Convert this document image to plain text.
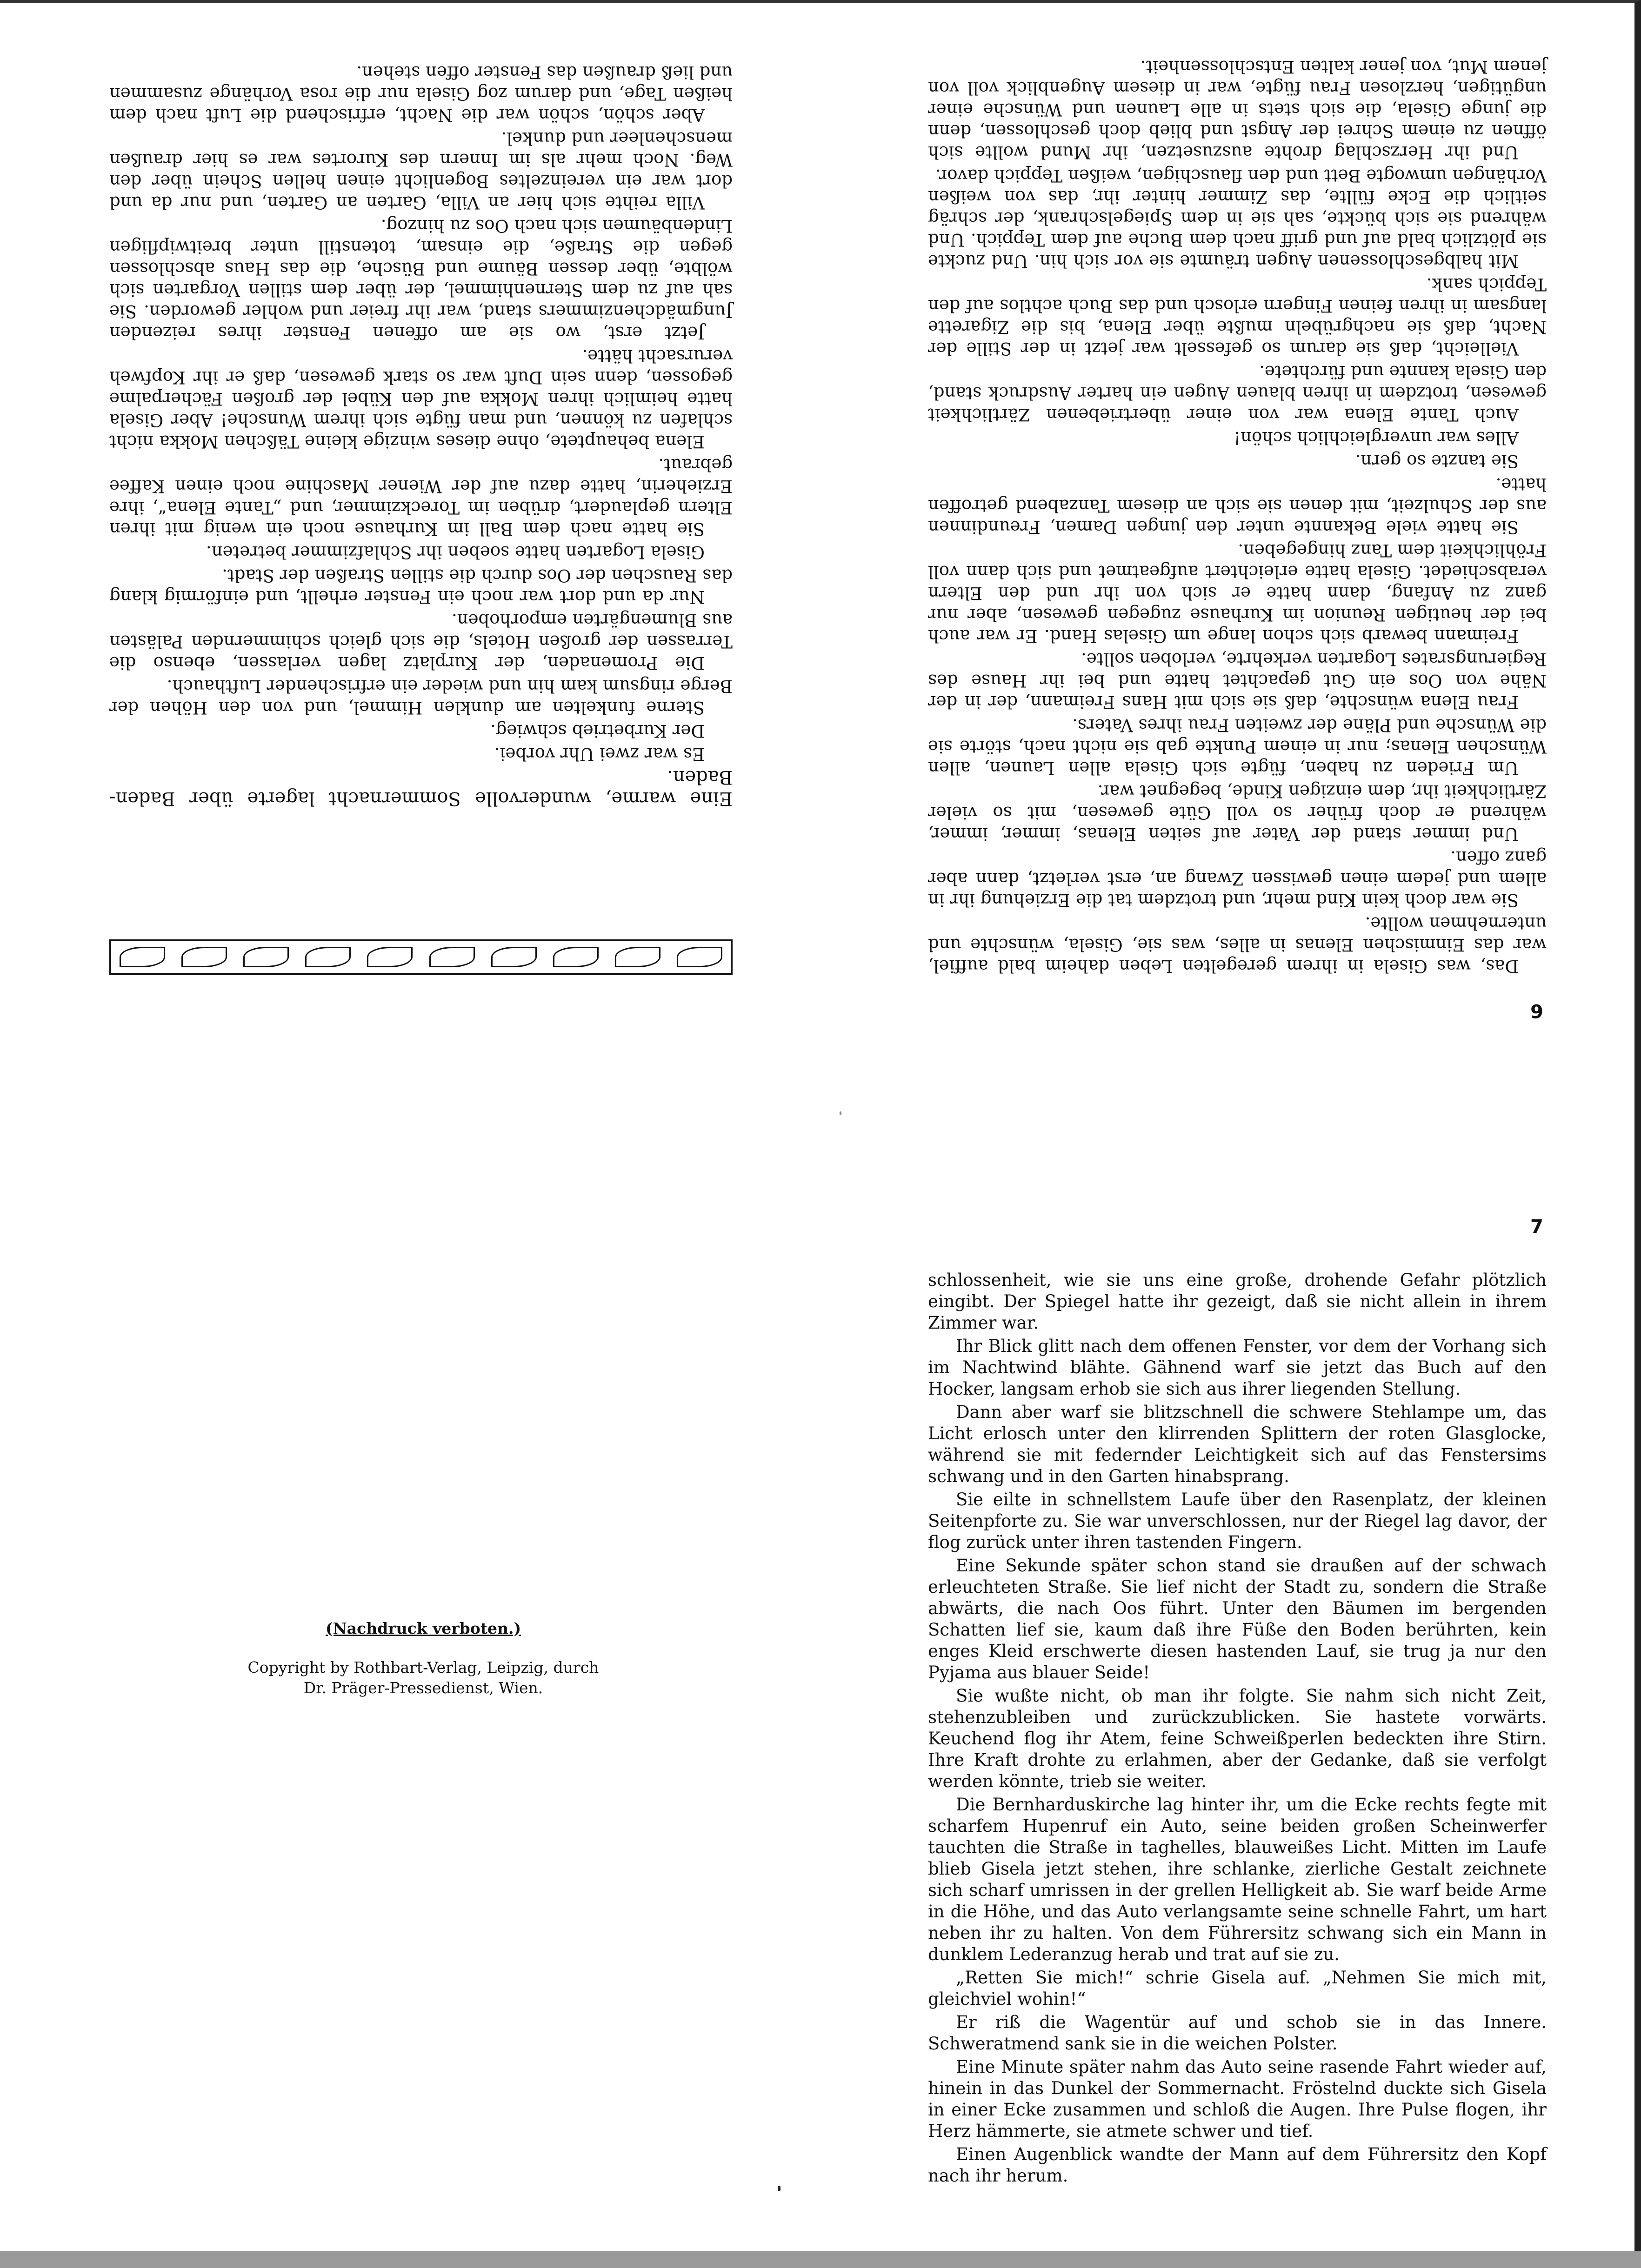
Eine warme, wundervolle Sommernacht lagerte über Baden-Baden.

Es war zwei Uhr vorbei.

Der Kurbetrieb schwieg.

Sterne funkelten am dunklen Himmel, und von den Höhen der Berge ringsum kam hin und wieder ein erfrischender Lufthauch.

Die Promenaden, der Kurplatz lagen verlassen, ebenso die Terrassen der großen Hotels, die sich gleich schimmernden Palästen aus Blumengärten emporhoben.

Nur da und dort war noch ein Fenster erhellt, und einförmig klang das Rauschen der Oos durch die stillen Straßen der Stadt.

Gisela Logarten hatte soeben ihr Schlafzimmer betreten.

Sie hatte nach dem Ball im Kurhause noch ein wenig mit ihren Eltern geplaudert, drüben im Toreckzimmer, und „Tante Elena“, ihre Erzieherin, hatte dazu auf der Wiener Maschine noch einen Kaffee gebraut.

Elena behauptete, ohne dieses winzige kleine Täßchen Mokka nicht schlafen zu können, und man fügte sich ihrem Wunsche! Aber Gisela hatte heimlich ihren Mokka auf den Kübel der großen Fächerpalme gegossen, denn sein Duft war so stark gewesen, daß er ihr Kopfweh verursacht hätte.

Jetzt erst, wo sie am offenen Fenster ihres reizenden Jungmädchenzimmers stand, war ihr freier und wohler geworden. Sie sah auf zu dem Sternenhimmel, der über dem stillen Vorgarten sich wölbte, über dessen Bäume und Büsche, die das Haus abschlossen gegen die Straße, die einsam, totenstill unter breitwipfligen Lindenbäumen sich nach Oos zu hinzog.

Villa reihte sich hier an Villa, Garten an Garten, und nur da und dort war ein vereinzeltes Bogenlicht einen hellen Schein über den Weg. Noch mehr als im Innern des Kurortes war es hier draußen menschenleer und dunkel.

Aber schön, schön war die Nacht, erfrischend die Luft nach dem heißen Tage, und darum zog Gisela nur die rosa Vorhänge zusammen und ließ draußen das Fenster offen stehen.

Das, was Gisela in ihrem geregelten Leben daheim bald auffiel, war das Einmischen Elenas in alles, was sie, Gisela, wünschte und unternehmen wollte.

Sie war doch kein Kind mehr, und trotzdem tat die Erziehung ihr in allem und jedem einen gewissen Zwang an, erst verletzt, dann aber ganz offen.

Und immer stand der Vater auf seiten Elenas, immer, immer, während er doch früher so voll Güte gewesen, mit so vieler Zärtlichkeit ihr, dem einzigen Kinde, begegnet war.

Um Frieden zu haben, fügte sich Gisela allen Launen, allen Wünschen Elenas; nur in einem Punkte gab sie nicht nach, störte sie die Wünsche und Pläne der zweiten Frau ihres Vaters.

Frau Elena wünschte, daß sie sich mit Hans Freimann, der in der Nähe von Oos ein Gut gepachtet hatte und bei ihr Hause des Regierungsrates Logarten verkehrte, verloben sollte.

Freimann bewarb sich schon lange um Giselas Hand. Er war auch bei der heutigen Reunion im Kurhause zugegen gewesen, aber nur ganz zu Anfang, dann hatte er sich von ihr und den Eltern verabschiedet. Gisela hatte erleichtert aufgeatmet und sich dann voll Fröhlichkeit dem Tanz hingegeben.

Sie hatte viele Bekannte unter den jungen Damen, Freundinnen aus der Schulzeit, mit denen sie sich an diesem Tanzabend getroffen hatte.

Sie tanzte so gern.

Alles war unvergleichlich schön!

Auch Tante Elena war von einer übertriebenen Zärtlichkeit gewesen, trotzdem in ihren blauen Augen ein harter Ausdruck stand, den Gisela kannte und fürchtete.

Vielleicht, daß sie darum so gefesselt war jetzt in der Stille der Nacht, daß sie nachgrübeln mußte über Elena, bis die Zigarette langsam in ihren feinen Fingern erlosch und das Buch achtlos auf den Teppich sank.

Mit halbgeschlossenen Augen träumte sie vor sich hin. Und zuckte sie plötzlich bald auf und griff nach dem Buche auf dem Teppich. Und während sie sich bückte, sah sie in dem Spiegelschrank, der schräg seitlich die Ecke füllte, das Zimmer hinter ihr, das von weißen Vorhängen umwogte Bett und den flauschigen, weißen Teppich davor.

Und ihr Herzschlag drohte auszusetzen, ihr Mund wollte sich öffnen zu einem Schrei der Angst und blieb doch geschlossen, denn die junge Gisela, die sich stets in alle Launen und Wünsche einer ungütigen, herzlosen Frau fügte, war in diesem Augenblick voll von jenem Mut, von jener kalten Entschlossenheit.

6
7

schlossenheit, wie sie uns eine große, drohende Gefahr plötzlich eingibt. Der Spiegel hatte ihr gezeigt, daß sie nicht allein in ihrem Zimmer war.

Ihr Blick glitt nach dem offenen Fenster, vor dem der Vorhang sich im Nachtwind blähte. Gähnend warf sie jetzt das Buch auf den Hocker, langsam erhob sie sich aus ihrer liegenden Stellung.

Dann aber warf sie blitzschnell die schwere Stehlampe um, das Licht erlosch unter den klirrenden Splittern der roten Glasglocke, während sie mit federnder Leichtigkeit sich auf das Fenstersims schwang und in den Garten hinabsprang.

Sie eilte in schnellstem Laufe über den Rasenplatz, der kleinen Seitenpforte zu. Sie war unverschlossen, nur der Riegel lag davor, der flog zurück unter ihren tastenden Fingern.

Eine Sekunde später schon stand sie draußen auf der schwach erleuchteten Straße. Sie lief nicht der Stadt zu, sondern die Straße abwärts, die nach Oos führt. Unter den Bäumen im bergenden Schatten lief sie, kaum daß ihre Füße den Boden berührten, kein enges Kleid erschwerte diesen hastenden Lauf, sie trug ja nur den Pyjama aus blauer Seide!

Sie wußte nicht, ob man ihr folgte. Sie nahm sich nicht Zeit, stehenzubleiben und zurückzublicken. Sie hastete vorwärts. Keuchend flog ihr Atem, feine Schweißperlen bedeckten ihre Stirn. Ihre Kraft drohte zu erlahmen, aber der Gedanke, daß sie verfolgt werden könnte, trieb sie weiter.

Die Bernharduskirche lag hinter ihr, um die Ecke rechts fegte mit scharfem Hupenruf ein Auto, seine beiden großen Scheinwerfer tauchten die Straße in taghelles, blauweißes Licht. Mitten im Laufe blieb Gisela jetzt stehen, ihre schlanke, zierliche Gestalt zeichnete sich scharf umrissen in der grellen Helligkeit ab. Sie warf beide Arme in die Höhe, und das Auto verlangsamte seine schnelle Fahrt, um hart neben ihr zu halten. Von dem Führersitz schwang sich ein Mann in dunklem Lederanzug herab und trat auf sie zu.

„Retten Sie mich!“ schrie Gisela auf. „Nehmen Sie mich mit, gleichviel wohin!“

Er riß die Wagentür auf und schob sie in das Innere. Schweratmend sank sie in die weichen Polster.

Eine Minute später nahm das Auto seine rasende Fahrt wieder auf, hinein in das Dunkel der Sommernacht. Fröstelnd duckte sich Gisela in einer Ecke zusammen und schloß die Augen. Ihre Pulse flogen, ihr Herz hämmerte, sie atmete schwer und tief.

Einen Augenblick wandte der Mann auf dem Führersitz den Kopf nach ihr herum.

(Nachdruck verboten.)
Copyright by Rothbart-Verlag, Leipzig, durch
Dr. Präger-Pressedienst, Wien.
